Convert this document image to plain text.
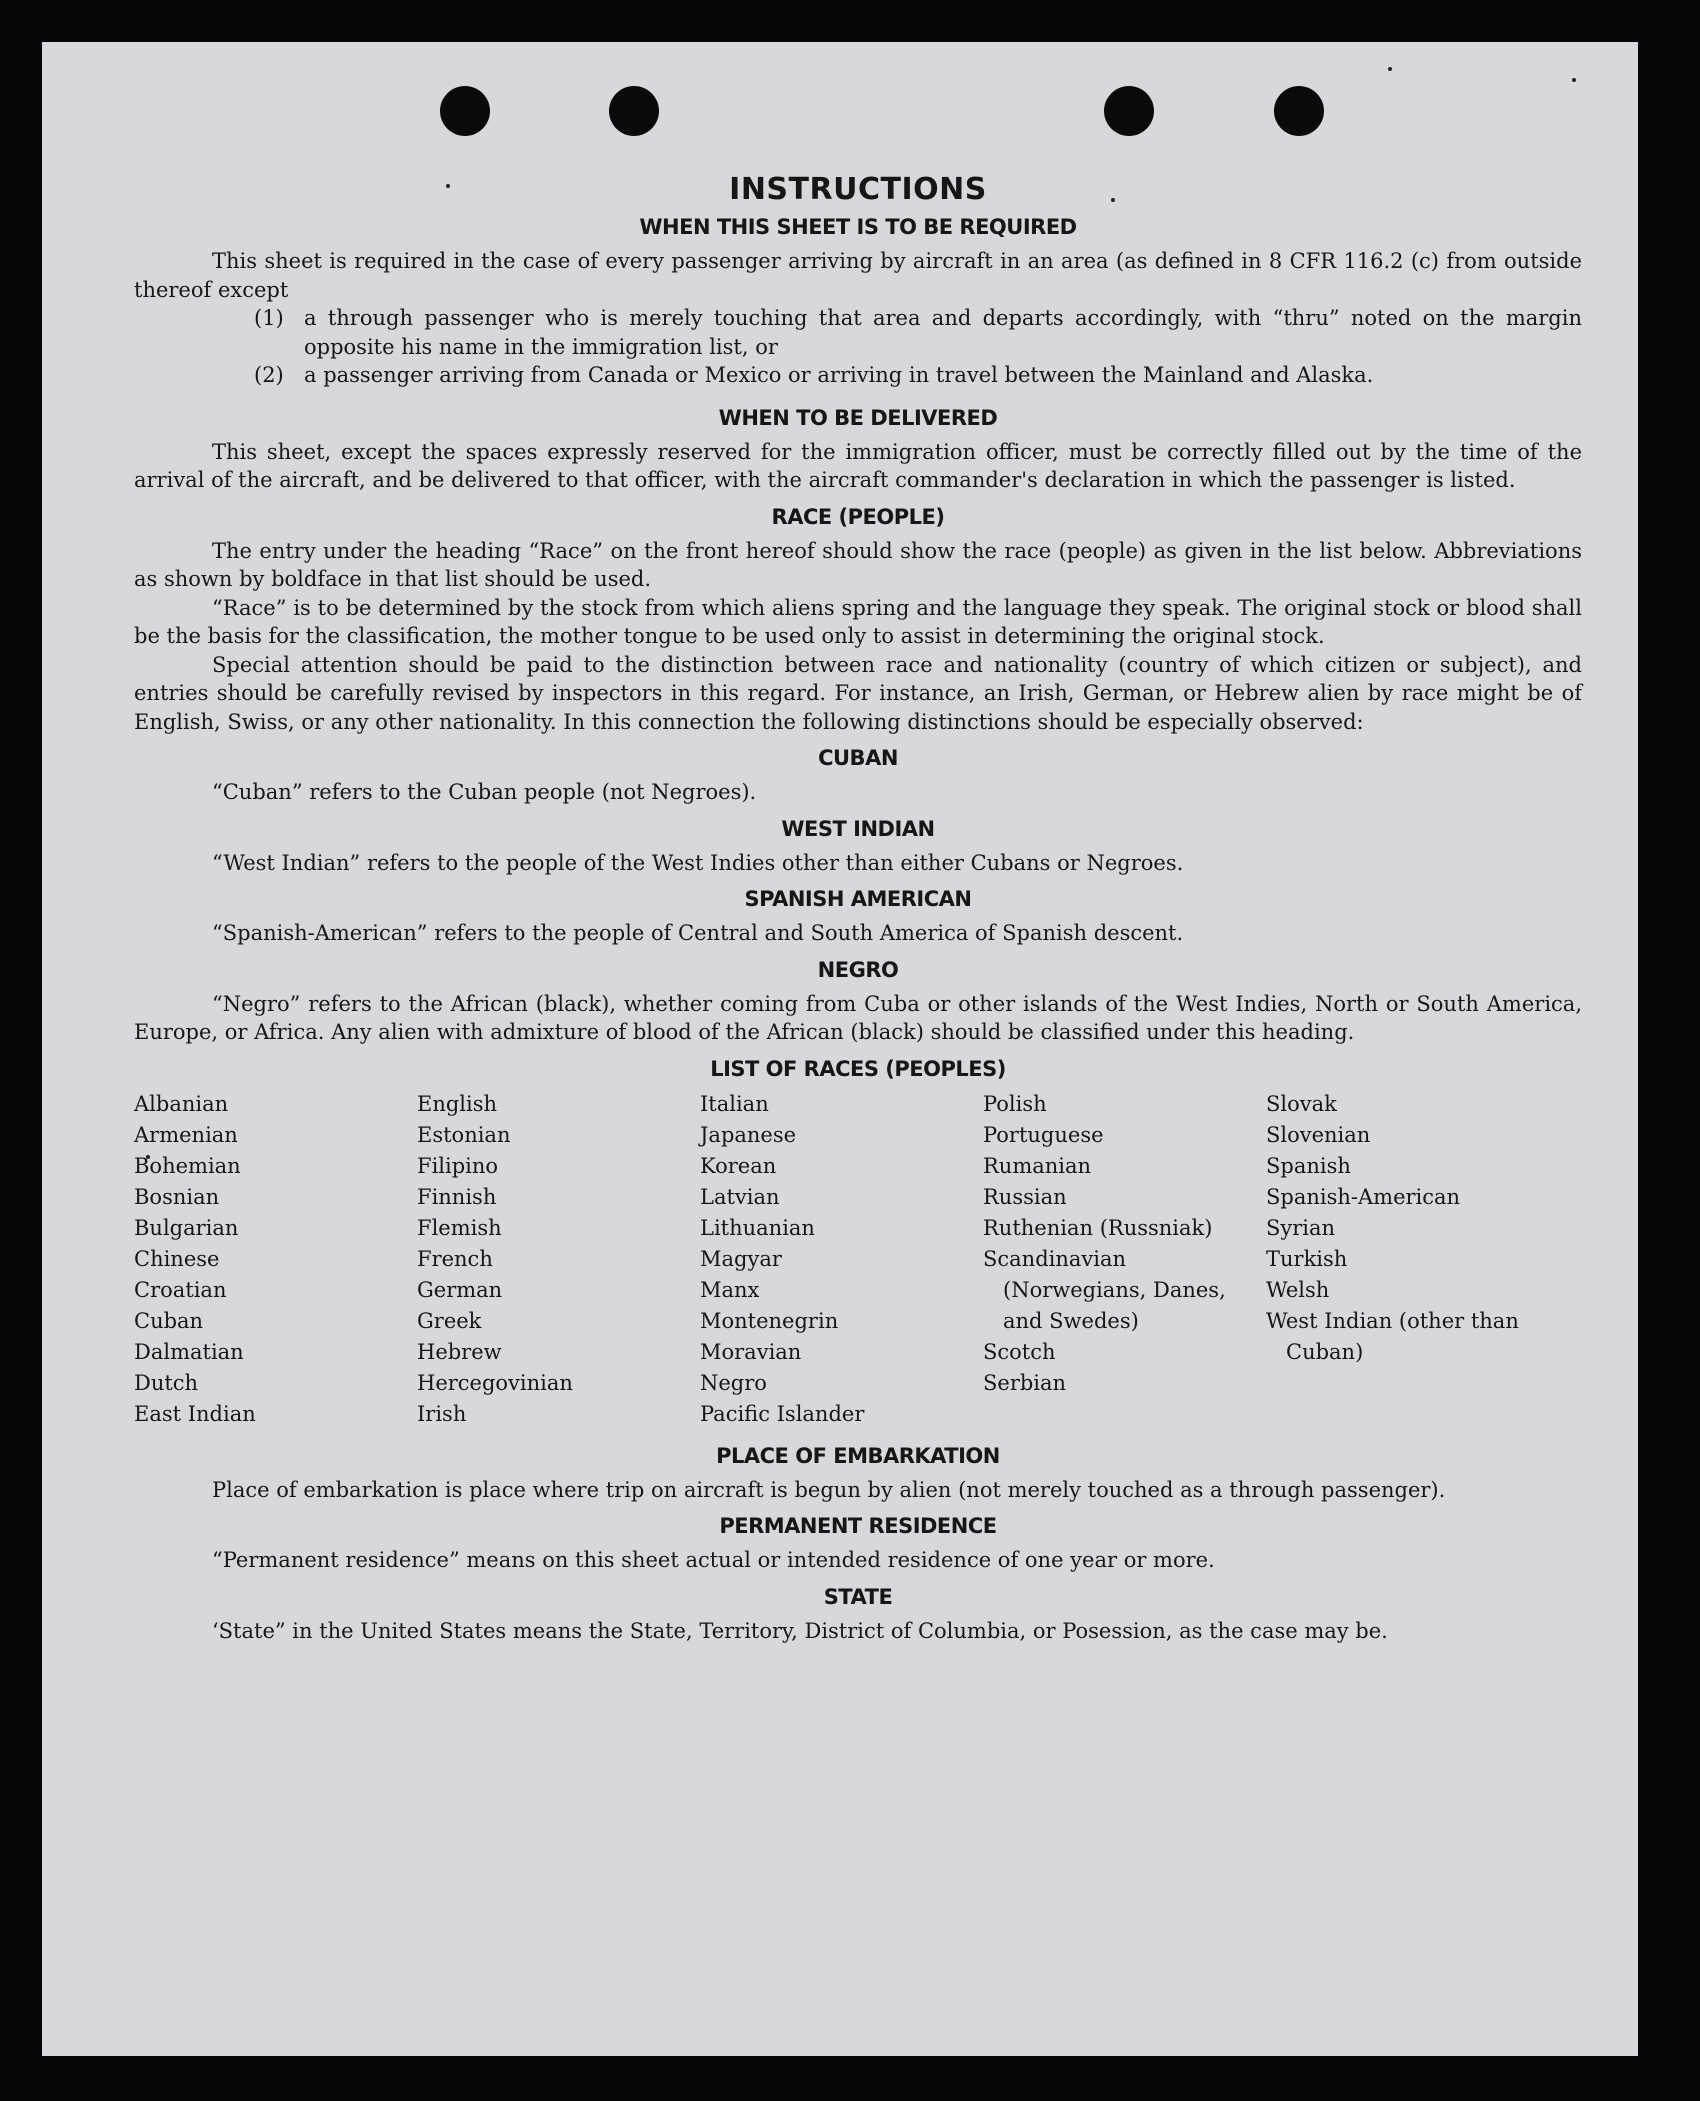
INSTRUCTIONS
WHEN THIS SHEET IS TO BE REQUIRED

This sheet is required in the case of every passenger arriving by aircraft in an area (as defined in 8 CFR 116.2 (c) from outside thereof except

(1) a through passenger who is merely touching that area and departs accordingly, with “thru” noted on the margin opposite his name in the immigration list, or
(2) a passenger arriving from Canada or Mexico or arriving in travel between the Mainland and Alaska.
WHEN TO BE DELIVERED

This sheet, except the spaces expressly reserved for the immigration officer, must be correctly filled out by the time of the arrival of the aircraft, and be delivered to that officer, with the aircraft commander's declaration in which the passenger is listed.

RACE (PEOPLE)

The entry under the heading “Race” on the front hereof should show the race (people) as given in the list below. Abbreviations as shown by boldface in that list should be used.

“Race” is to be determined by the stock from which aliens spring and the language they speak. The original stock or blood shall be the basis for the classification, the mother tongue to be used only to assist in determining the original stock.

Special attention should be paid to the distinction between race and nationality (country of which citizen or subject), and entries should be carefully revised by inspectors in this regard. For instance, an Irish, German, or Hebrew alien by race might be of English, Swiss, or any other nationality. In this connection the following distinctions should be especially observed:

CUBAN

“Cuban” refers to the Cuban people (not Negroes).

WEST INDIAN

“West Indian” refers to the people of the West Indies other than either Cubans or Negroes.

SPANISH AMERICAN

“Spanish-American” refers to the people of Central and South America of Spanish descent.

NEGRO

“Negro” refers to the African (black), whether coming from Cuba or other islands of the West Indies, North or South America, Europe, or Africa. Any alien with admixture of blood of the African (black) should be classified under this heading.

LIST OF RACES (PEOPLES)
Albanian
Armenian
Bohemian
Bosnian
Bulgarian
Chinese
Croatian
Cuban
Dalmatian
Dutch
East Indian
English
Estonian
Filipino
Finnish
Flemish
French
German
Greek
Hebrew
Hercegovinian
Irish
Italian
Japanese
Korean
Latvian
Lithuanian
Magyar
Manx
Montenegrin
Moravian
Negro
Pacific Islander
Polish
Portuguese
Rumanian
Russian
Ruthenian (Russniak)
Scandinavian (Norwegians, Danes, and Swedes)
Scotch
Serbian
Slovak
Slovenian
Spanish
Spanish-American
Syrian
Turkish
Welsh
West Indian (other than Cuban)
PLACE OF EMBARKATION

Place of embarkation is place where trip on aircraft is begun by alien (not merely touched as a through passenger).

PERMANENT RESIDENCE

“Permanent residence” means on this sheet actual or intended residence of one year or more.

STATE

‘State” in the United States means the State, Territory, District of Columbia, or Posession, as the case may be.
